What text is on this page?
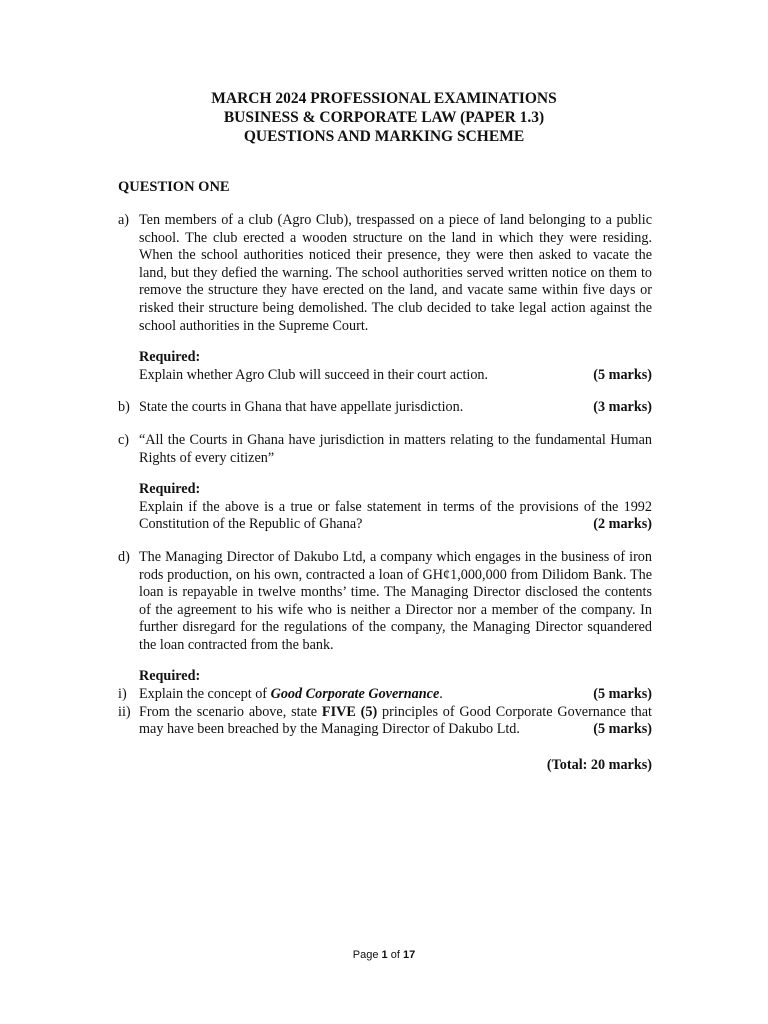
MARCH 2024 PROFESSIONAL EXAMINATIONS
BUSINESS & CORPORATE LAW (PAPER 1.3)
QUESTIONS AND MARKING SCHEME
QUESTION ONE
a) Ten members of a club (Agro Club), trespassed on a piece of land belonging to a public school. The club erected a wooden structure on the land in which they were residing. When the school authorities noticed their presence, they were then asked to vacate the land, but they defied the warning. The school authorities served written notice on them to remove the structure they have erected on the land, and vacate same within five days or risked their structure being demolished. The club decided to take legal action against the school authorities in the Supreme Court.
Required:
Explain whether Agro Club will succeed in their court action.	(5 marks)
b) State the courts in Ghana that have appellate jurisdiction.	(3 marks)
c) “All the Courts in Ghana have jurisdiction in matters relating to the fundamental Human Rights of every citizen”
Required:
Explain if the above is a true or false statement in terms of the provisions of the 1992
Constitution of the Republic of Ghana?	(2 marks)
d) The Managing Director of Dakubo Ltd, a company which engages in the business of iron rods production, on his own, contracted a loan of GH¢1,000,000 from Dilidom Bank. The loan is repayable in twelve months’ time. The Managing Director disclosed the contents of the agreement to his wife who is neither a Director nor a member of the company. In further disregard for the regulations of the company, the Managing Director squandered the loan contracted from the bank.
Required:
i) Explain the concept of Good Corporate Governance.	(5 marks)
ii) From the scenario above, state FIVE (5) principles of Good Corporate Governance that
may have been breached by the Managing Director of Dakubo Ltd.	(5 marks)
(Total: 20 marks)
Page 1 of 17
